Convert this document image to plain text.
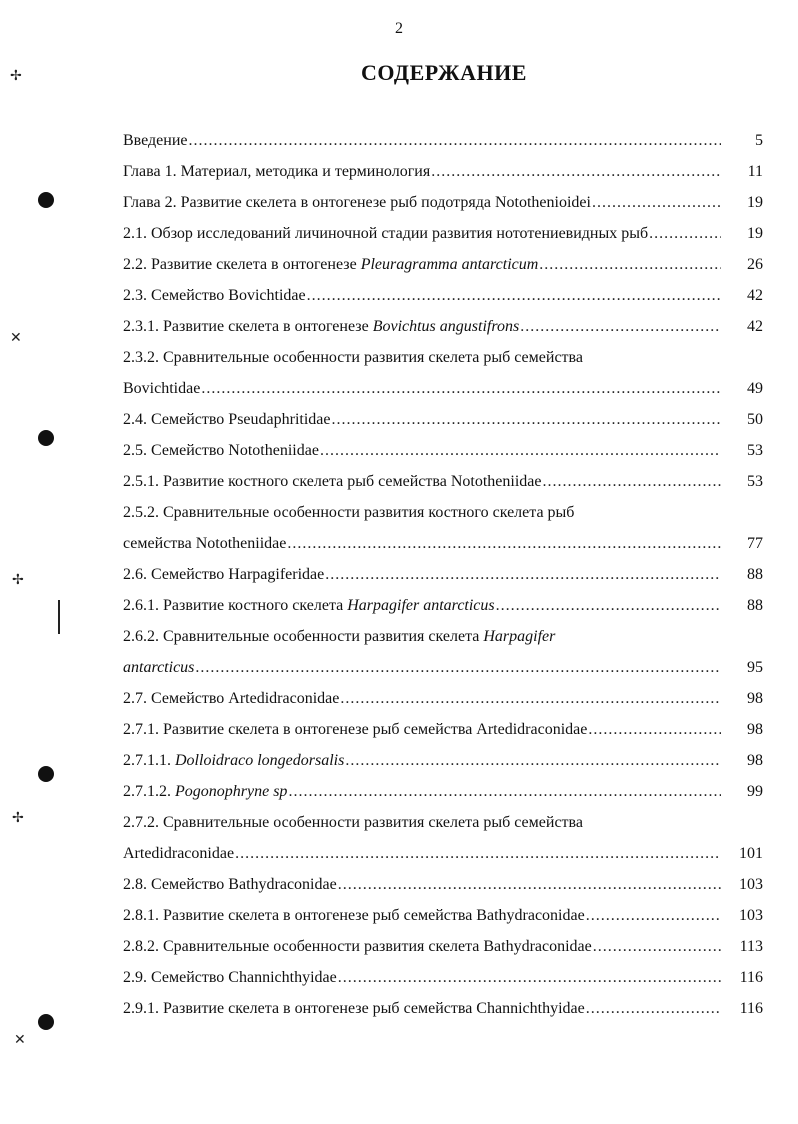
2
СОДЕРЖАНИЕ
Введение .....	5
Глава 1. Материал, методика и терминология .....	11
Глава 2. Развитие скелета в онтогенезе рыб подотряда Notothenioidei .....	19
2.1. Обзор исследований личиночной стадии развития нототениевидных рыб .....	19
2.2. Развитие скелета в онтогенезе Pleuragramma antarcticum .....	26
2.3. Семейство Bovichtidae .....	42
2.3.1. Развитие скелета в онтогенезе Bovichtus angustifrons .....	42
2.3.2. Сравнительные особенности развития скелета рыб семейства
Bovichtidae .....	49
2.4. Семейство Pseudaphritidae .....	50
2.5. Семейство Nototheniidae .....	53
2.5.1. Развитие костного скелета рыб семейства Nototheniidae .....	53
2.5.2. Сравнительные особенности развития костного скелета рыб
семейства Nototheniidae .....	77
2.6. Семейство Harpagiferidae .....	88
2.6.1. Развитие костного скелета Harpagifer antarcticus .....	88
2.6.2. Сравнительные особенности развития скелета Harpagifer
antarcticus .....	95
2.7. Семейство Artedidraconidae .....	98
2.7.1. Развитие скелета в онтогенезе рыб семейства Artedidraconidae .....	98
2.7.1.1. Dolloidraco longedorsalis .....	98
2.7.1.2. Pogonophryne sp .....	99
2.7.2. Сравнительные особенности развития скелета рыб семейства
Artedidraconidae .....	101
2.8. Семейство Bathydraconidae .....	103
2.8.1. Развитие скелета в онтогенезе рыб семейства Bathydraconidae .....	103
2.8.2. Сравнительные особенности развития скелета Bathydraconidae .....	113
2.9. Семейство Channichthyidae .....	116
2.9.1. Развитие скелета в онтогенезе рыб семейства Channichthyidae .....	116
✢
✕
✢
✢
✕
